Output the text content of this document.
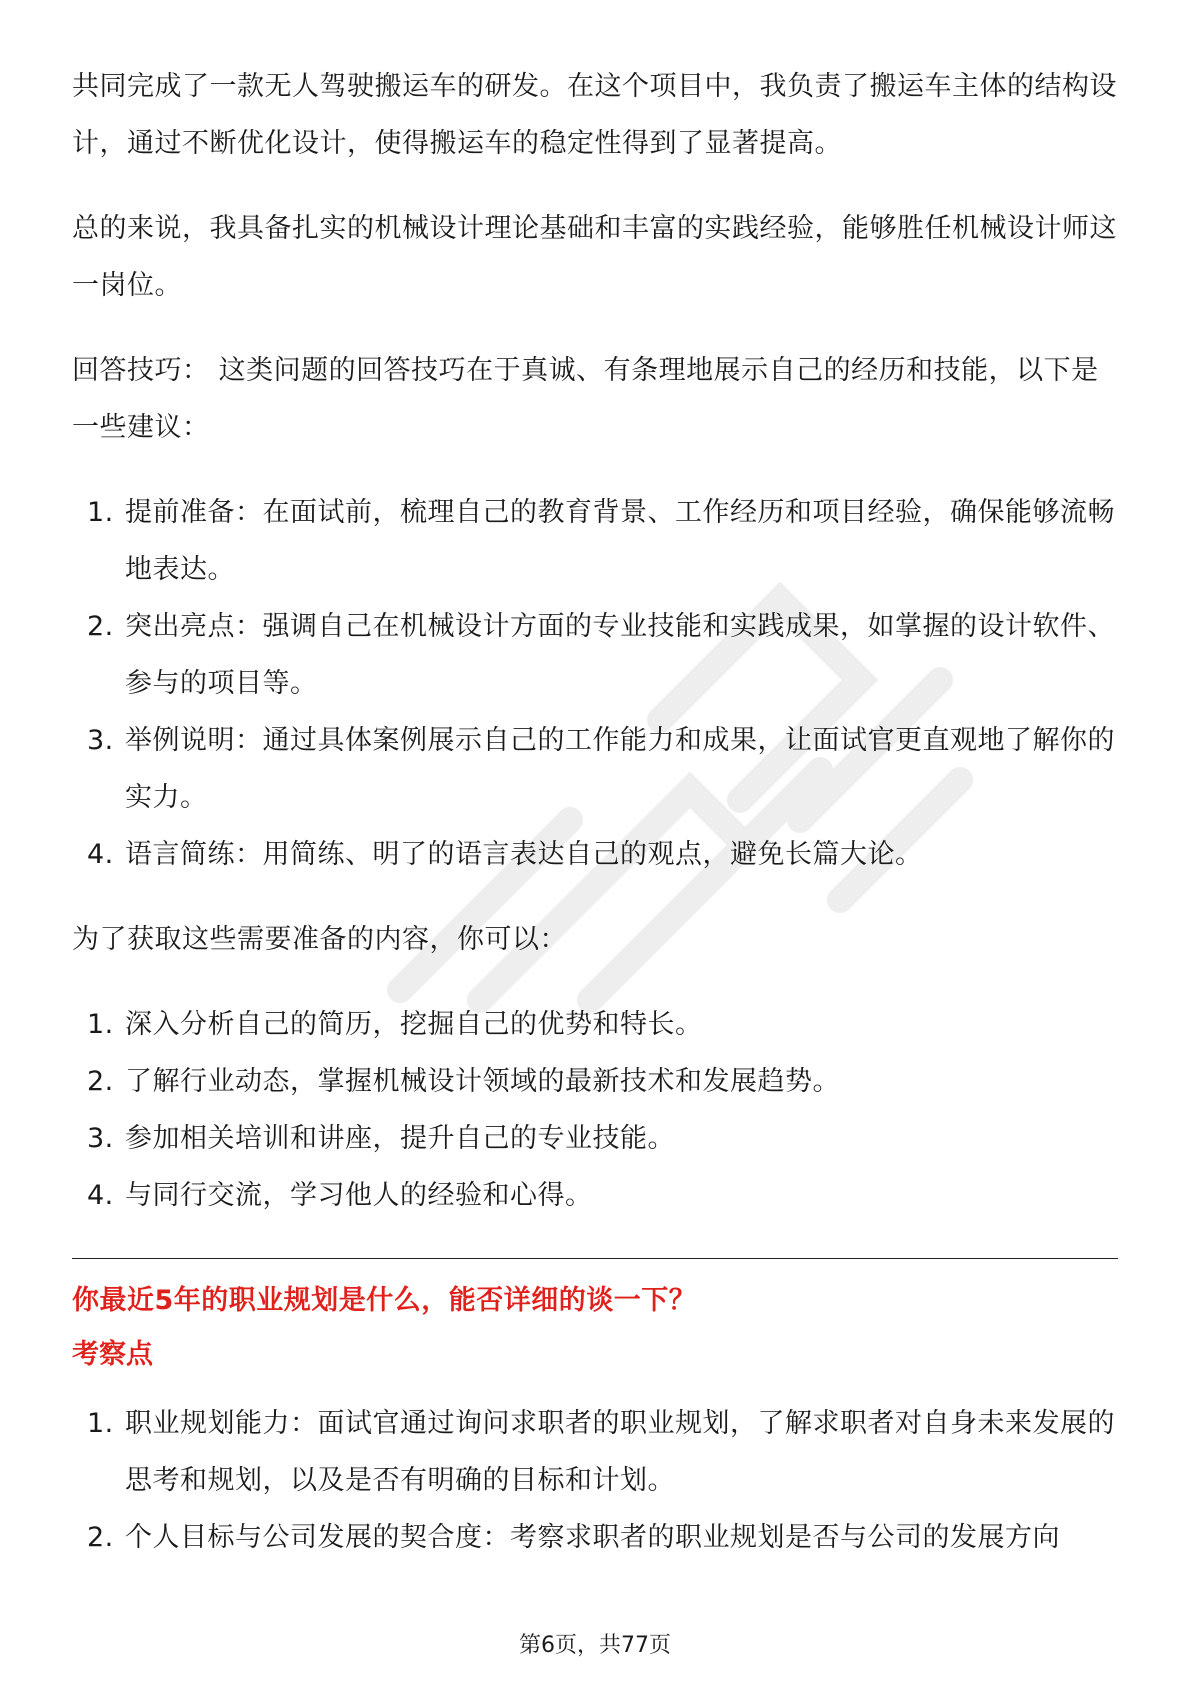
共同完成了一款无人驾驶搬运车的研发。在这个项目中，我负责了搬运车主体的结构设计，通过不断优化设计，使得搬运车的稳定性得到了显著提高。

总的来说，我具备扎实的机械设计理论基础和丰富的实践经验，能够胜任机械设计师这一岗位。

回答技巧： 这类问题的回答技巧在于真诚、有条理地展示自己的经历和技能，以下是一些建议：

1. 提前准备：在面试前，梳理自己的教育背景、工作经历和项目经验，确保能够流畅地表达。
2. 突出亮点：强调自己在机械设计方面的专业技能和实践成果，如掌握的设计软件、参与的项目等。
3. 举例说明：通过具体案例展示自己的工作能力和成果，让面试官更直观地了解你的实力。
4. 语言简练：用简练、明了的语言表达自己的观点，避免长篇大论。

为了获取这些需要准备的内容，你可以：

1. 深入分析自己的简历，挖掘自己的优势和特长。
2. 了解行业动态，掌握机械设计领域的最新技术和发展趋势。
3. 参加相关培训和讲座，提升自己的专业技能。
4. 与同行交流，学习他人的经验和心得。
你最近5年的职业规划是什么，能否详细的谈一下？
考察点
1. 职业规划能力：面试官通过询问求职者的职业规划，了解求职者对自身未来发展的思考和规划，以及是否有明确的目标和计划。
2. 个人目标与公司发展的契合度：考察求职者的职业规划是否与公司的发展方向
第6页，共77页
